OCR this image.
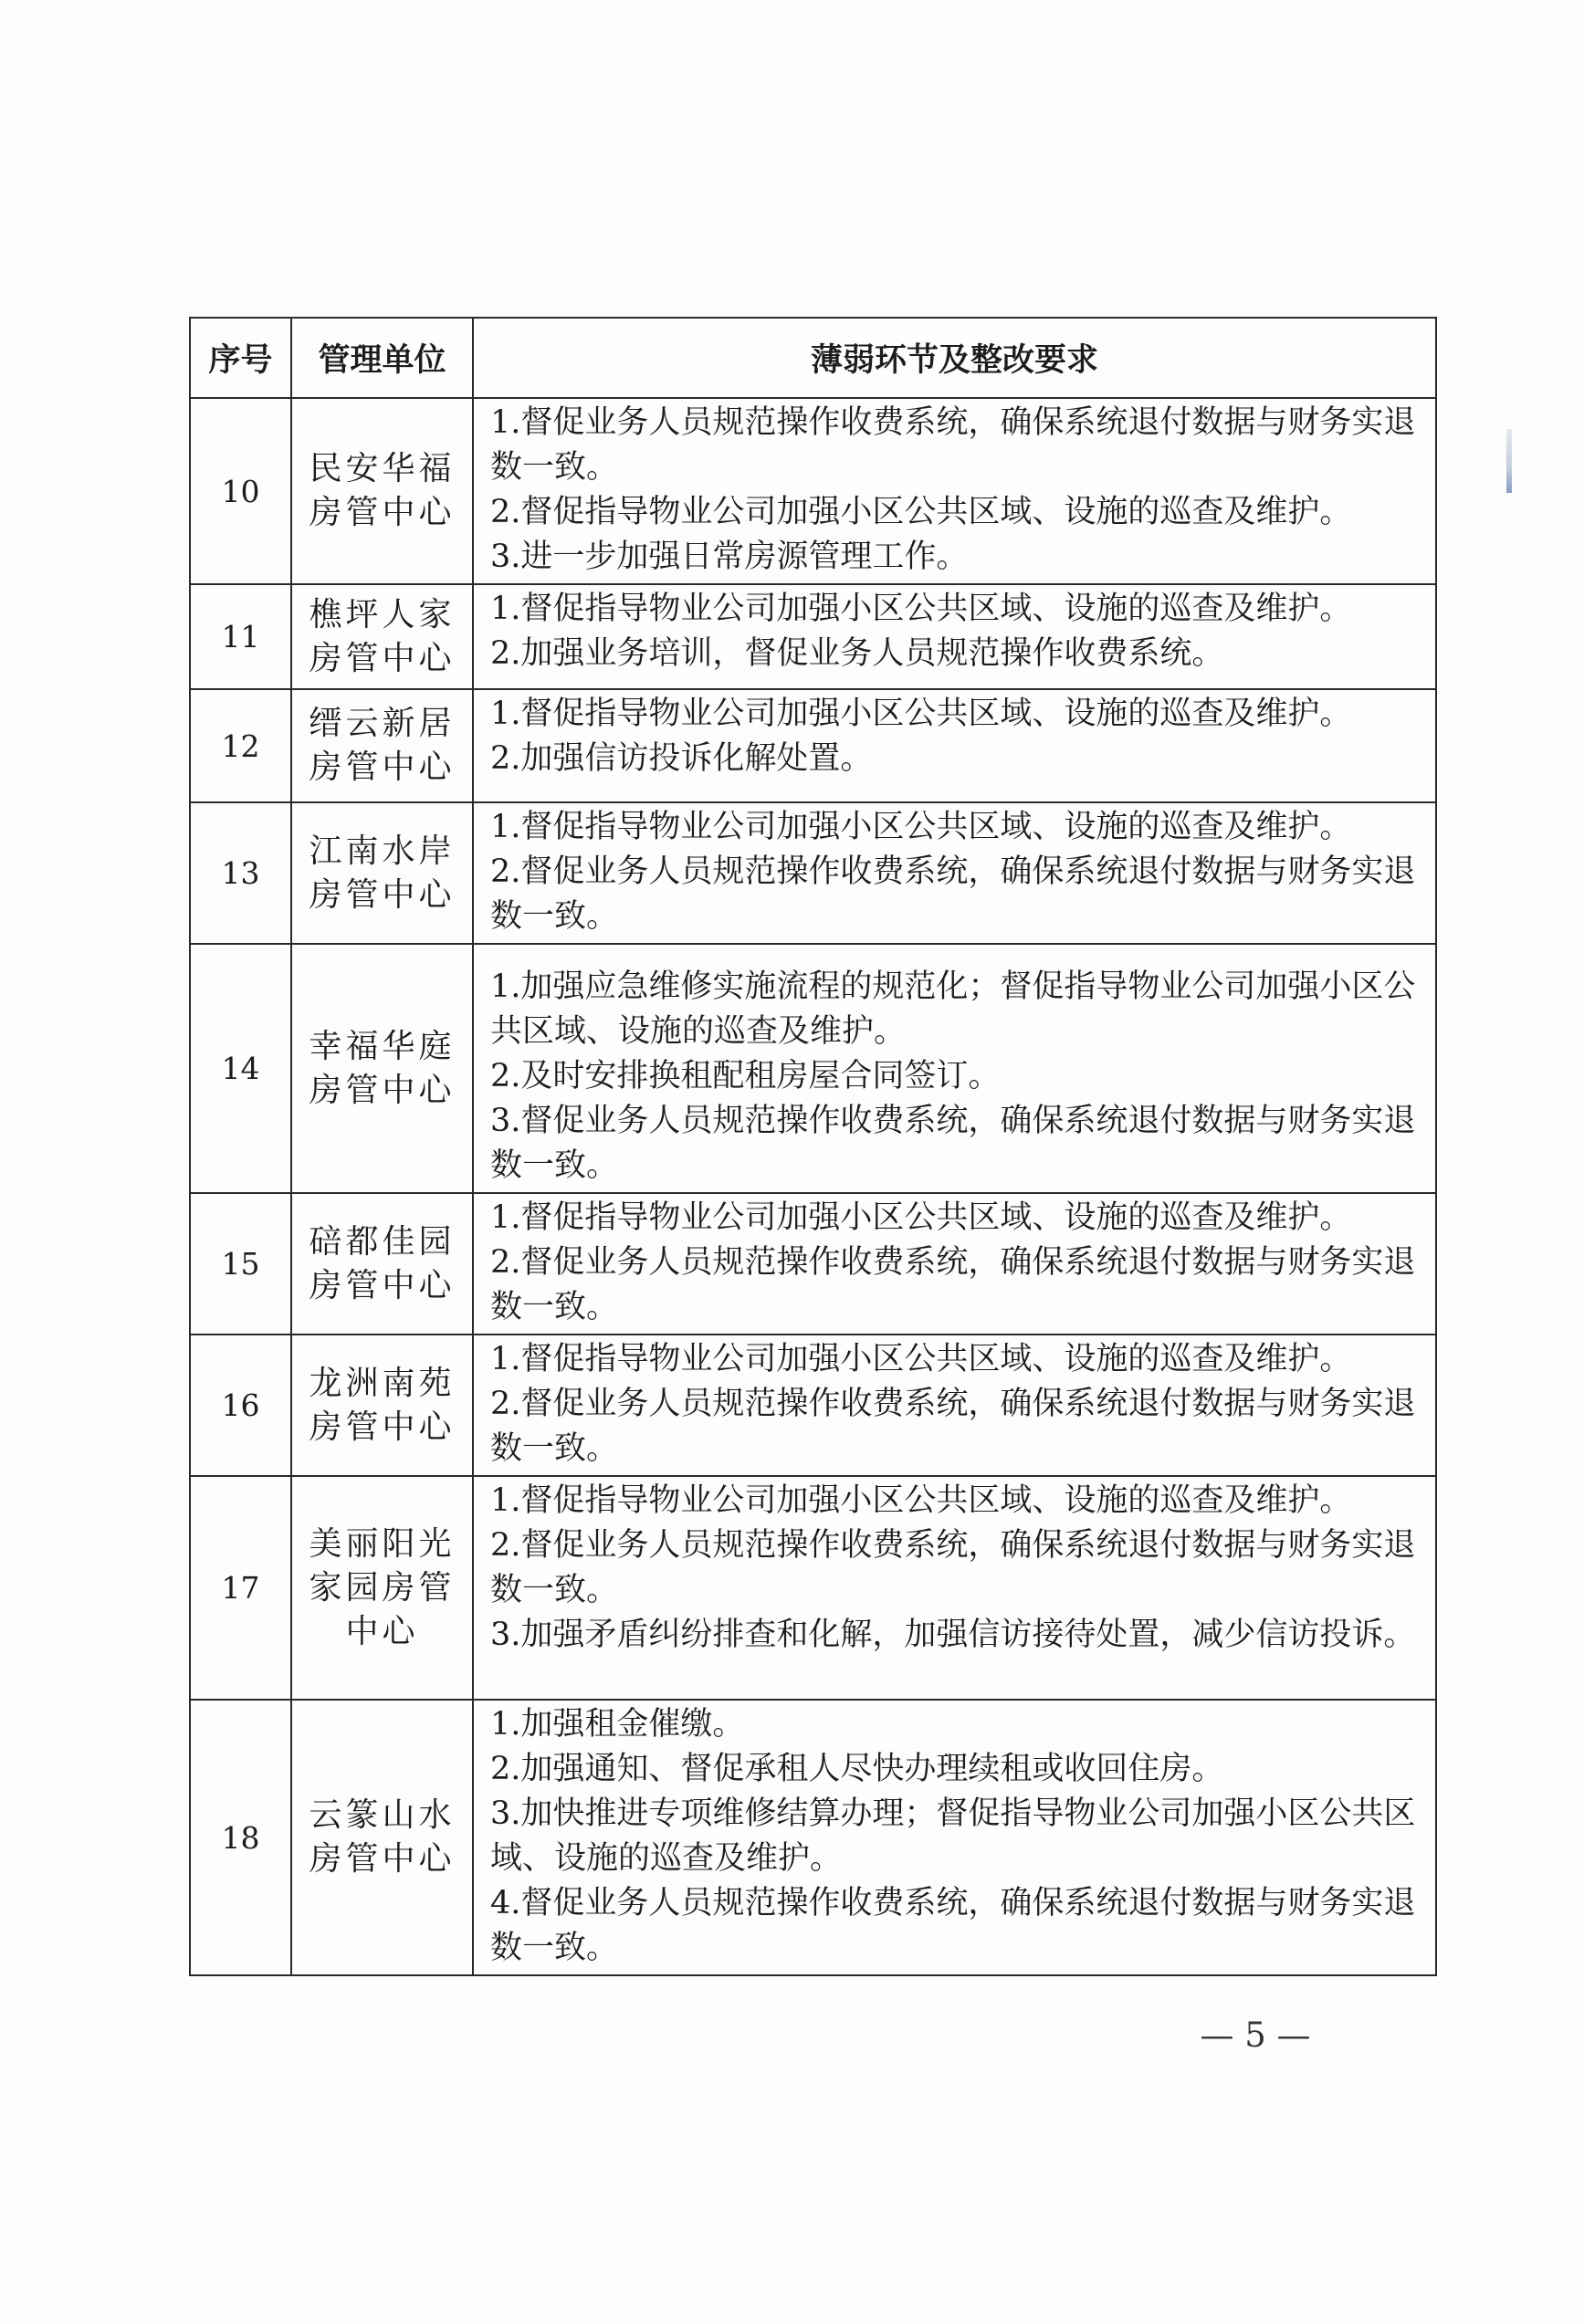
序号	管理单位	薄弱环节及整改要求
10	民安华福房管中心	1.督促业务人员规范操作收费系统，确保系统退付数据与财务实退数一致。
2.督促指导物业公司加强小区公共区域、设施的巡查及维护。
3.进一步加强日常房源管理工作。

11	樵坪人家房管中心	1.督促指导物业公司加强小区公共区域、设施的巡查及维护。
2.加强业务培训，督促业务人员规范操作收费系统。

12	缙云新居房管中心	1.督促指导物业公司加强小区公共区域、设施的巡查及维护。
2.加强信访投诉化解处置。

13	江南水岸房管中心	1.督促指导物业公司加强小区公共区域、设施的巡查及维护。
2.督促业务人员规范操作收费系统，确保系统退付数据与财务实退数一致。

14	幸福华庭房管中心	1.加强应急维修实施流程的规范化；督促指导物业公司加强小区公共区域、设施的巡查及维护。
2.及时安排换租配租房屋合同签订。
3.督促业务人员规范操作收费系统，确保系统退付数据与财务实退数一致。

15	碚都佳园房管中心	1.督促指导物业公司加强小区公共区域、设施的巡查及维护。
2.督促业务人员规范操作收费系统，确保系统退付数据与财务实退数一致。

16	龙洲南苑房管中心	1.督促指导物业公司加强小区公共区域、设施的巡查及维护。
2.督促业务人员规范操作收费系统，确保系统退付数据与财务实退数一致。

17	美丽阳光家园房管中心	1.督促指导物业公司加强小区公共区域、设施的巡查及维护。
2.督促业务人员规范操作收费系统，确保系统退付数据与财务实退数一致。
3.加强矛盾纠纷排查和化解，加强信访接待处置，减少信访投诉。

18	云篆山水房管中心	1.加强租金催缴。
2.加强通知、督促承租人尽快办理续租或收回住房。
3.加快推进专项维修结算办理；督促指导物业公司加强小区公共区域、设施的巡查及维护。
4.督促业务人员规范操作收费系统，确保系统退付数据与财务实退数一致。
— 5 —
